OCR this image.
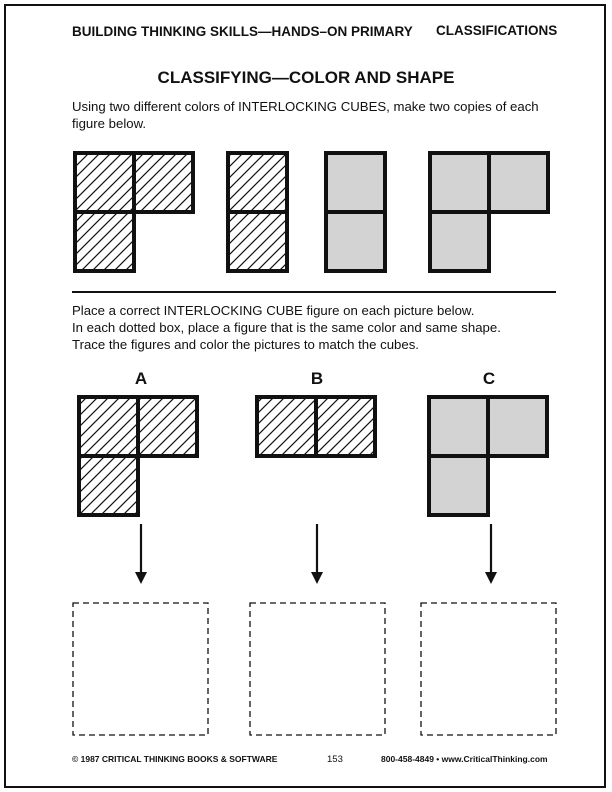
BUILDING THINKING SKILLS—HANDS–ON PRIMARY CLASSIFICATIONS
CLASSIFYING—COLOR AND SHAPE
Using two different colors of INTERLOCKING CUBES, make two copies of each
figure below.
Place a correct INTERLOCKING CUBE figure on each picture below.
In each dotted box, place a figure that is the same color and same shape.
Trace the figures and color the pictures to match the cubes.
A	B	C
© 1987 CRITICAL THINKING BOOKS & SOFTWARE	153	800-458-4849 • www.CriticalThinking.com
